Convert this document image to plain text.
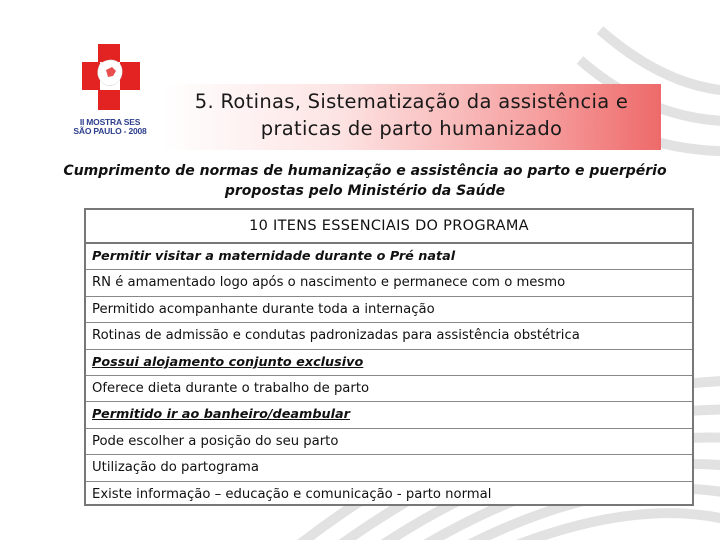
II MOSTRA SES
SÃO PAULO - 2008
5. Rotinas, Sistematização da assistência e
praticas de parto humanizado
Cumprimento de normas de humanização e assistência ao parto e puerpério
propostas pelo Ministério da Saúde
10 ITENS ESSENCIAIS DO PROGRAMA
Permitir visitar a maternidade durante o Pré natal
RN é amamentado logo após o nascimento e permanece com o mesmo
Permitido acompanhante durante toda a internação
Rotinas de admissão e condutas padronizadas para assistência obstétrica
Possui alojamento conjunto exclusivo
Oferece dieta durante o trabalho de parto
Permitido ir ao banheiro/deambular
Pode escolher a posição do seu parto
Utilização do partograma
Existe informação – educação e comunicação - parto normal
